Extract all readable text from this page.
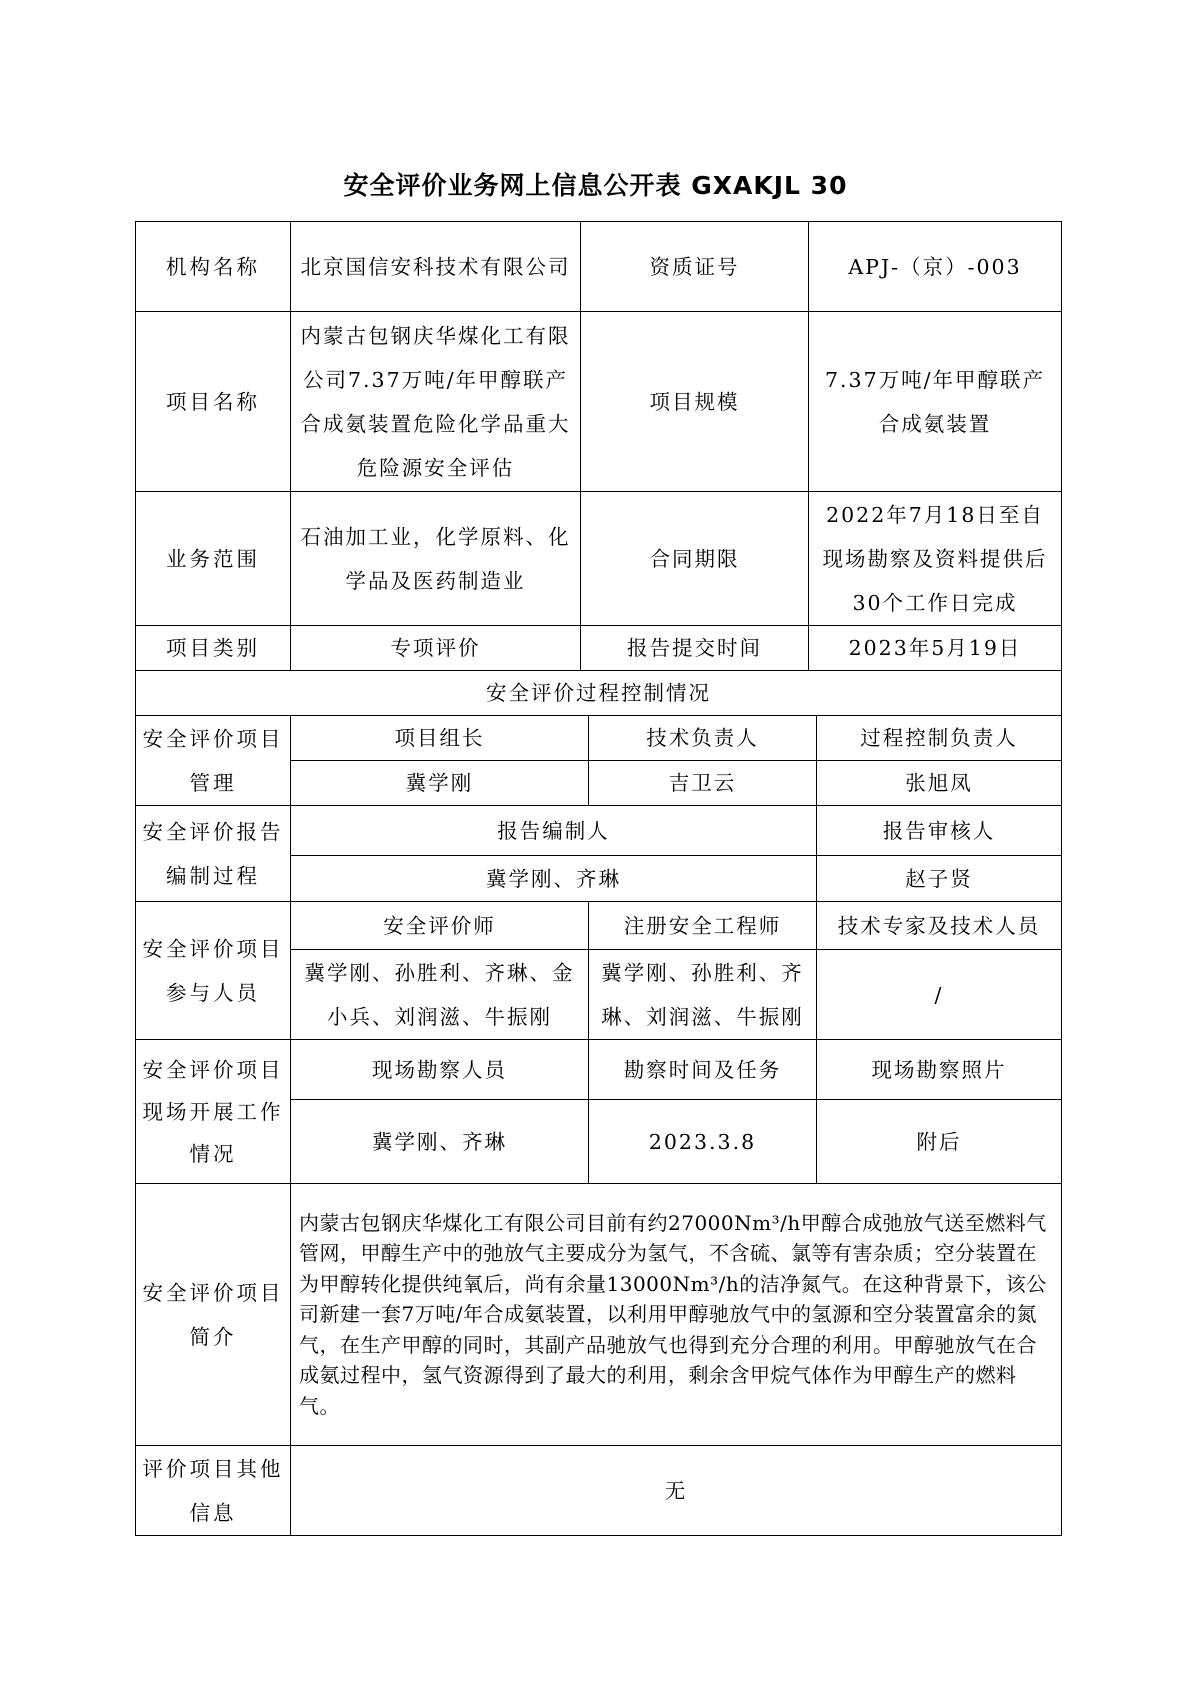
安全评价业务网上信息公开表 GXAKJL 30
机构名称	北京国信安科技术有限公司	资质证号		APJ-（京）-003	
项目名称	内蒙古包钢庆华煤化工有限公司7.37万吨/年甲醇联产合成氨装置危险化学品重大危险源安全评估	项目规模		7.37万吨/年甲醇联产合成氨装置	
业务范围	石油加工业，化学原料、化学品及医药制造业	合同期限		2022年7月18日至自现场勘察及资料提供后30个工作日完成	
项目类别	专项评价	报告提交时间		2023年5月19日	
安全评价过程控制情况					
安全评价项目管理	项目组长		技术负责人		过程控制负责人
	冀学刚		吉卫云		张旭凤
安全评价报告编制过程	报告编制人				报告审核人
	冀学刚、齐琳				赵子贤
安全评价项目参与人员	安全评价师		注册安全工程师		技术专家及技术人员
	冀学刚、孙胜利、齐琳、金小兵、刘润滋、牛振刚		冀学刚、孙胜利、齐琳、刘润滋、牛振刚		/
安全评价项目现场开展工作情况	现场勘察人员		勘察时间及任务		现场勘察照片
	冀学刚、齐琳		2023.3.8		附后
安全评价项目简介	内蒙古包钢庆华煤化工有限公司目前有约27000Nm³/h甲醇合成弛放气送至燃料气管网，甲醇生产中的弛放气主要成分为氢气，不含硫、氯等有害杂质；空分装置在为甲醇转化提供纯氧后，尚有余量13000Nm³/h的洁净氮气。在这种背景下，该公司新建一套7万吨/年合成氨装置，以利用甲醇驰放气中的氢源和空分装置富余的氮气，在生产甲醇的同时，其副产品驰放气也得到充分合理的利用。甲醇驰放气在合成氨过程中，氢气资源得到了最大的利用，剩余含甲烷气体作为甲醇生产的燃料气。				
评价项目其他信息	无				
